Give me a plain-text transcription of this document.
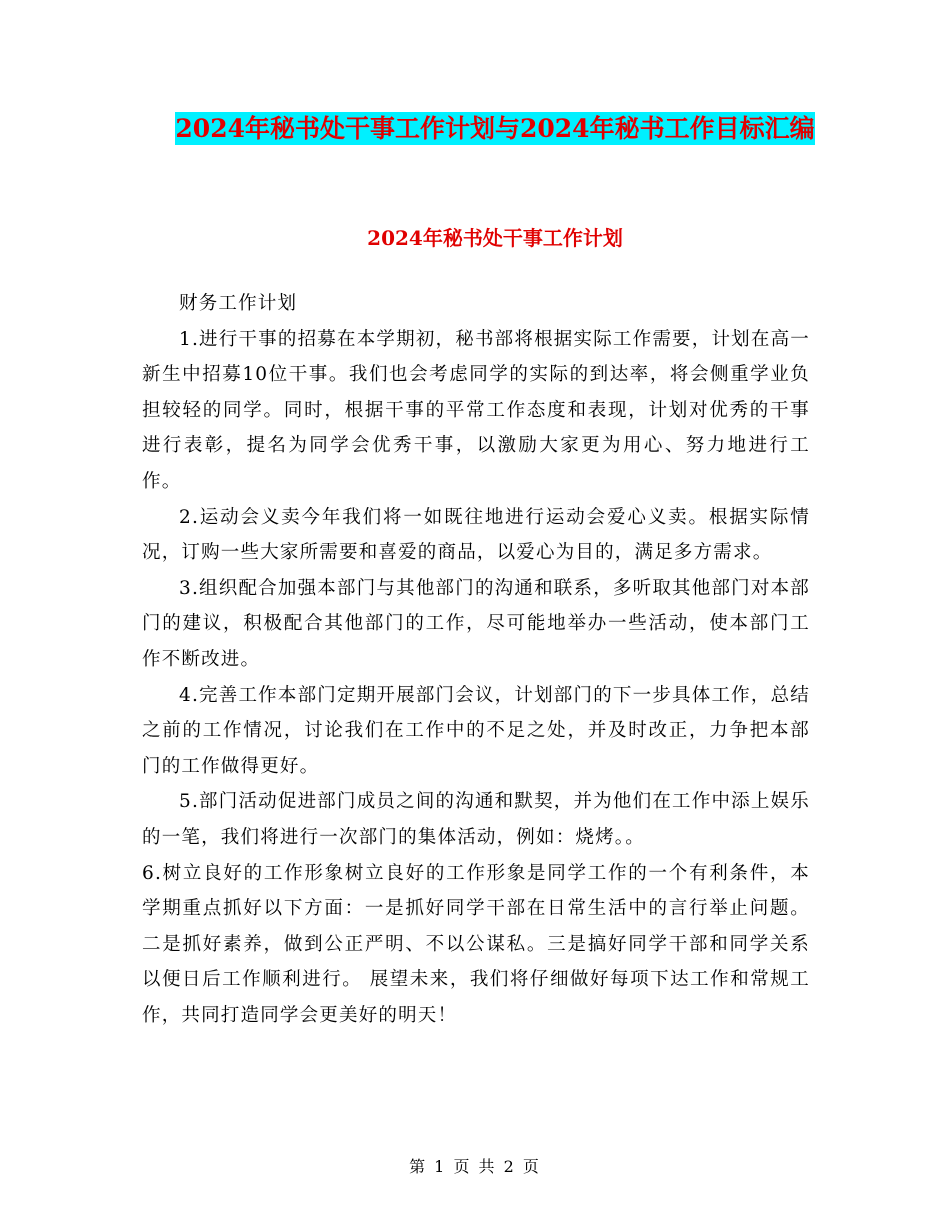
2024年秘书处干事工作计划与2024年秘书工作目标汇编
2024年秘书处干事工作计划

财务工作计划

1.进行干事的招募在本学期初，秘书部将根据实际工作需要，计划在高一新生中招募10位干事。我们也会考虑同学的实际的到达率，将会侧重学业负担较轻的同学。同时，根据干事的平常工作态度和表现，计划对优秀的干事进行表彰，提名为同学会优秀干事，以激励大家更为用心、努力地进行工作。

2.运动会义卖今年我们将一如既往地进行运动会爱心义卖。根据实际情况，订购一些大家所需要和喜爱的商品，以爱心为目的，满足多方需求。

3.组织配合加强本部门与其他部门的沟通和联系，多听取其他部门对本部门的建议，积极配合其他部门的工作，尽可能地举办一些活动，使本部门工作不断改进。

4.完善工作本部门定期开展部门会议，计划部门的下一步具体工作，总结之前的工作情况，讨论我们在工作中的不足之处，并及时改正，力争把本部门的工作做得更好。

5.部门活动促进部门成员之间的沟通和默契，并为他们在工作中添上娱乐的一笔，我们将进行一次部门的集体活动，例如：烧烤。。

6.树立良好的工作形象树立良好的工作形象是同学工作的一个有利条件，本学期重点抓好以下方面：一是抓好同学干部在日常生活中的言行举止问题。二是抓好素养，做到公正严明、不以公谋私。三是搞好同学干部和同学关系以便日后工作顺利进行。 展望未来，我们将仔细做好每项下达工作和常规工作，共同打造同学会更美好的明天！

第 1 页 共 2 页
